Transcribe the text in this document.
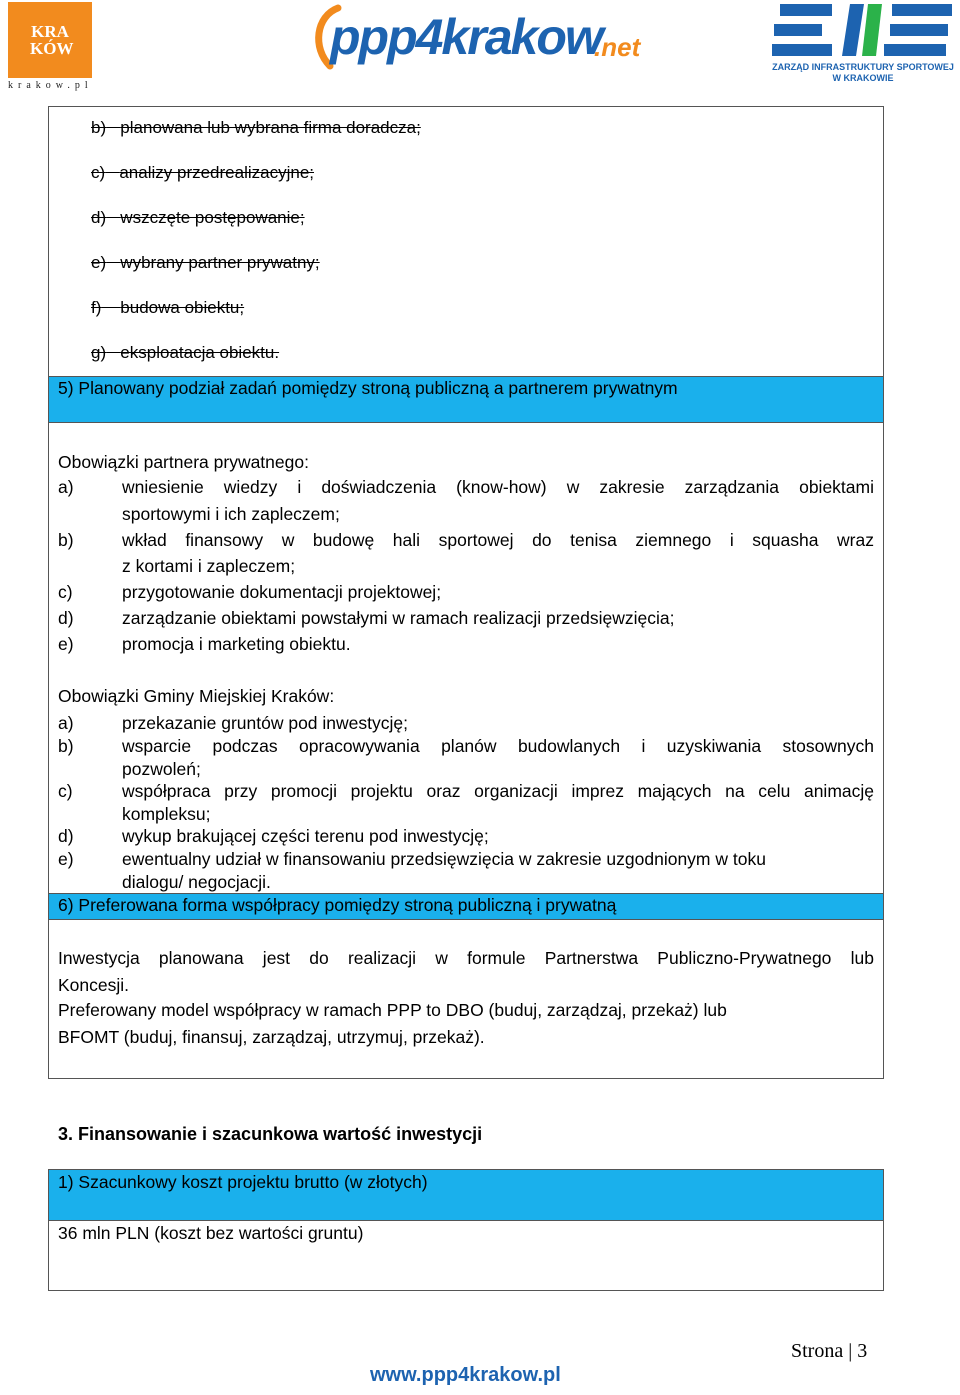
KRA
KÓW
krakow.pl
ppp4krakow
.net
ZARZĄD INFRASTRUKTURY SPORTOWEJ
W KRAKOWIE
b) planowana lub wybrana firma doradcza;
c) analizy przedrealizacyjne;
d) wszczęte postępowanie;
e) wybrany partner prywatny;
f) budowa obiektu;
g) eksploatacja obiektu.
5) Planowany podział zadań pomiędzy stroną publiczną a partnerem prywatnym
Obowiązki partnera prywatnego:
a)	wniesienie wiedzy i doświadczenia (know-how) w zakresie zarządzania obiektami
sportowymi i ich zapleczem;
b)	wkład finansowy w budowę hali sportowej do tenisa ziemnego i squasha wraz
z kortami i zapleczem;
c)	przygotowanie dokumentacji projektowej;
d)	zarządzanie obiektami powstałymi w ramach realizacji przedsięwzięcia;
e)	promocja i marketing obiektu.
Obowiązki Gminy Miejskiej Kraków:
a)	przekazanie gruntów pod inwestycję;
b)	wsparcie podczas opracowywania planów budowlanych i uzyskiwania stosownych
pozwoleń;
c)	współpraca przy promocji projektu oraz organizacji imprez mających na celu animację
kompleksu;
d)	wykup brakującej części terenu pod inwestycję;
e)	ewentualny udział w finansowaniu przedsięwzięcia w zakresie uzgodnionym w toku
dialogu/ negocjacji.
6) Preferowana forma współpracy pomiędzy stroną publiczną i prywatną
Inwestycja planowana jest do realizacji w formule Partnerstwa Publiczno-Prywatnego lub
Koncesji.
Preferowany model współpracy w ramach PPP to DBO (buduj, zarządzaj, przekaż) lub
BFOMT (buduj, finansuj, zarządzaj, utrzymuj, przekaż).
3. Finansowanie i szacunkowa wartość inwestycji
1) Szacunkowy koszt projektu brutto (w złotych)
36 mln PLN (koszt bez wartości gruntu)
Strona | 3
www.ppp4krakow.pl
